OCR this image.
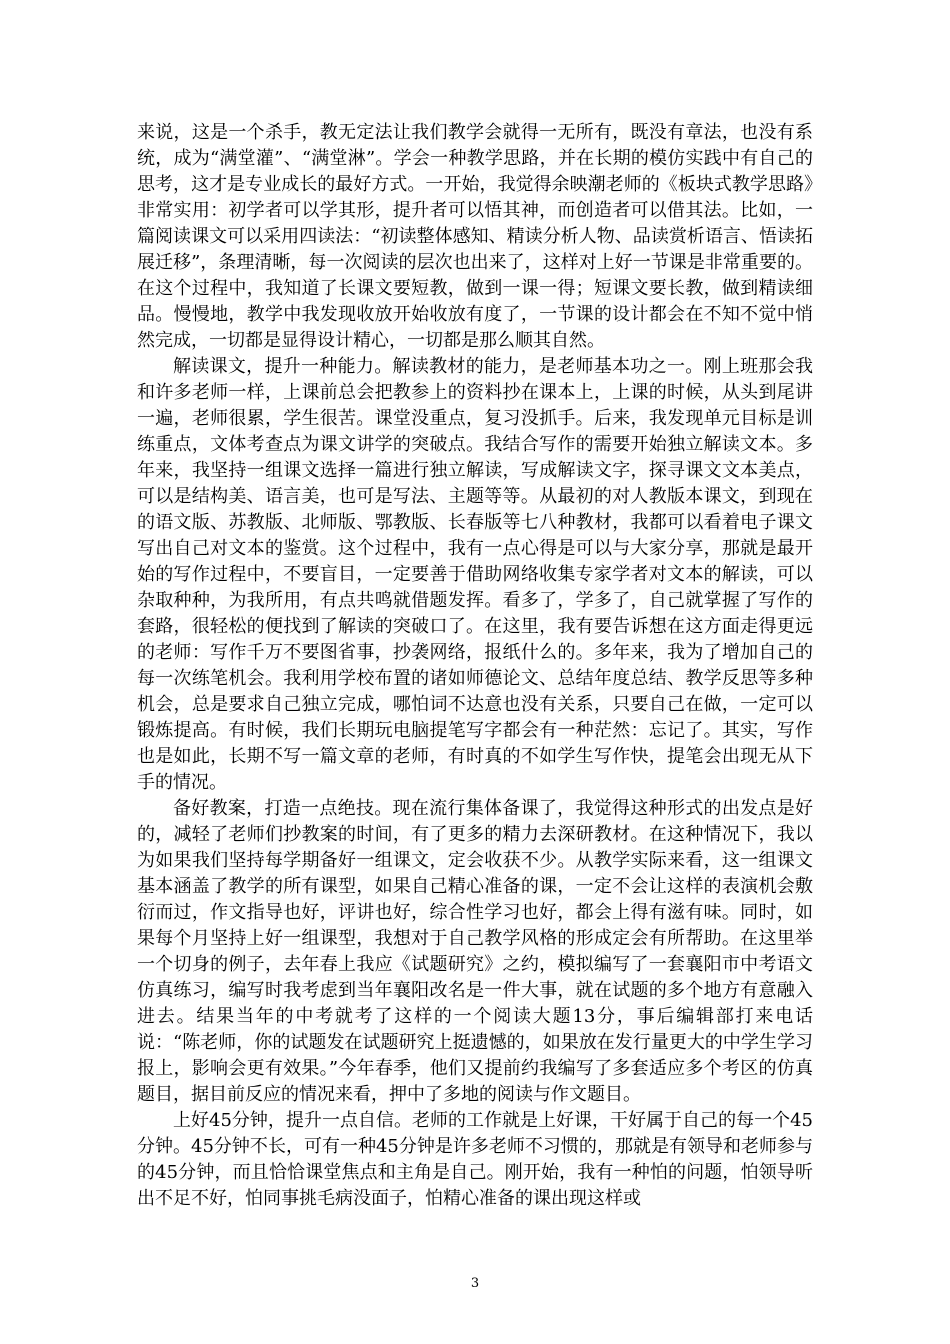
来说，这是一个杀手，教无定法让我们教学会就得一无所有，既没有章法，也没有系统，成为“满堂灌”、“满堂淋”。学会一种教学思路，并在长期的模仿实践中有自己的思考，这才是专业成长的最好方式。一开始，我觉得余映潮老师的《板块式教学思路》非常实用：初学者可以学其形，提升者可以悟其神，而创造者可以借其法。比如，一篇阅读课文可以采用四读法：“初读整体感知、精读分析人物、品读赏析语言、悟读拓展迁移”，条理清晰，每一次阅读的层次也出来了，这样对上好一节课是非常重要的。在这个过程中，我知道了长课文要短教，做到一课一得；短课文要长教，做到精读细品。慢慢地，教学中我发现收放开始收放有度了，一节课的设计都会在不知不觉中悄然完成，一切都是显得设计精心，一切都是那么顺其自然。

解读课文，提升一种能力。解读教材的能力，是老师基本功之一。刚上班那会我和许多老师一样，上课前总会把教参上的资料抄在课本上，上课的时候，从头到尾讲一遍，老师很累，学生很苦。课堂没重点，复习没抓手。后来，我发现单元目标是训练重点，文体考查点为课文讲学的突破点。我结合写作的需要开始独立解读文本。多年来，我坚持一组课文选择一篇进行独立解读，写成解读文字，探寻课文文本美点，可以是结构美、语言美，也可是写法、主题等等。从最初的对人教版本课文，到现在的语文版、苏教版、北师版、鄂教版、长春版等七八种教材，我都可以看着电子课文写出自己对文本的鉴赏。这个过程中，我有一点心得是可以与大家分享，那就是最开始的写作过程中，不要盲目，一定要善于借助网络收集专家学者对文本的解读，可以杂取种种，为我所用，有点共鸣就借题发挥。看多了，学多了，自己就掌握了写作的套路，很轻松的便找到了解读的突破口了。在这里，我有要告诉想在这方面走得更远的老师：写作千万不要图省事，抄袭网络，报纸什么的。多年来，我为了增加自己的每一次练笔机会。我利用学校布置的诸如师德论文、总结年度总结、教学反思等多种机会，总是要求自己独立完成，哪怕词不达意也没有关系，只要自己在做，一定可以锻炼提高。有时候，我们长期玩电脑提笔写字都会有一种茫然：忘记了。其实，写作也是如此，长期不写一篇文章的老师，有时真的不如学生写作快，提笔会出现无从下手的情况。

备好教案，打造一点绝技。现在流行集体备课了，我觉得这种形式的出发点是好的，减轻了老师们抄教案的时间，有了更多的精力去深研教材。在这种情况下，我以为如果我们坚持每学期备好一组课文，定会收获不少。从教学实际来看，这一组课文基本涵盖了教学的所有课型，如果自己精心准备的课，一定不会让这样的表演机会敷衍而过，作文指导也好，评讲也好，综合性学习也好，都会上得有滋有味。同时，如果每个月坚持上好一组课型，我想对于自己教学风格的形成定会有所帮助。在这里举一个切身的例子，去年春上我应《试题研究》之约，模拟编写了一套襄阳市中考语文仿真练习，编写时我考虑到当年襄阳改名是一件大事，就在试题的多个地方有意融入进去。结果当年的中考就考了这样的一个阅读大题13分，事后编辑部打来电话说：“陈老师，你的试题发在试题研究上挺遗憾的，如果放在发行量更大的中学生学习报上，影响会更有效果。”今年春季，他们又提前约我编写了多套适应多个考区的仿真题目，据目前反应的情况来看，押中了多地的阅读与作文题目。

上好45分钟，提升一点自信。老师的工作就是上好课，干好属于自己的每一个45分钟。45分钟不长，可有一种45分钟是许多老师不习惯的，那就是有领导和老师参与的45分钟，而且恰恰课堂焦点和主角是自己。刚开始，我有一种怕的问题，怕领导听出不足不好，怕同事挑毛病没面子，怕精心准备的课出现这样或

3
